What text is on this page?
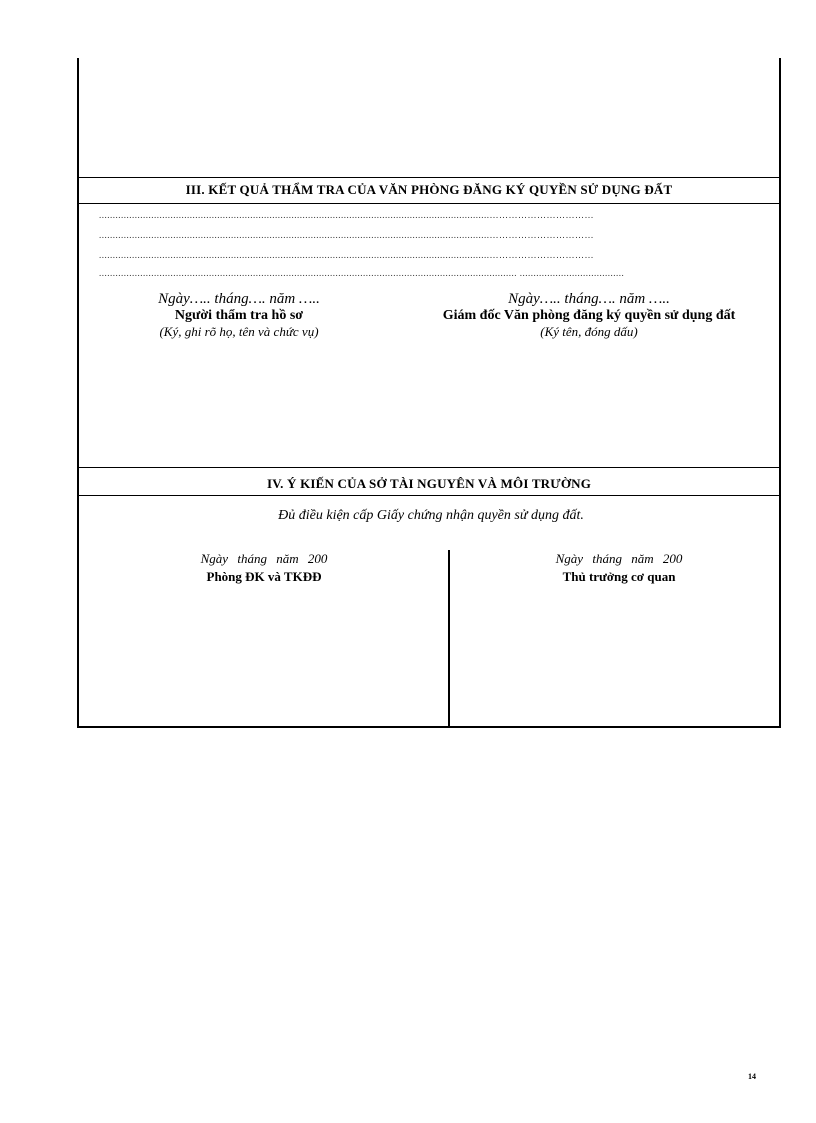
III. KẾT QUẢ THẨM TRA CỦA VĂN PHÒNG ĐĂNG KÝ QUYỀN SỬ DỤNG ĐẤT
..............................................................................................................................................……………………………
..............................................................................................................................................……………………………
..............................................................................................................................................……………………………
........................................................................................................................................................ ......................................
Ngày….. tháng…. năm …..
Người thẩm tra hồ sơ
(Ký, ghi rõ họ, tên và chức vụ)
Ngày….. tháng…. năm …..
Giám đốc Văn phòng đăng ký quyền sử dụng đất
(Ký tên, đóng dấu)
IV. Ý KIẾN CỦA SỞ TÀI NGUYÊN VÀ MÔI TRƯỜNG
Đủ điều kiện cấp Giấy chứng nhận quyền sử dụng đất.
Ngày tháng năm 200
Phòng ĐK và TKĐĐ
Ngày tháng năm 200
Thủ trưởng cơ quan
14
